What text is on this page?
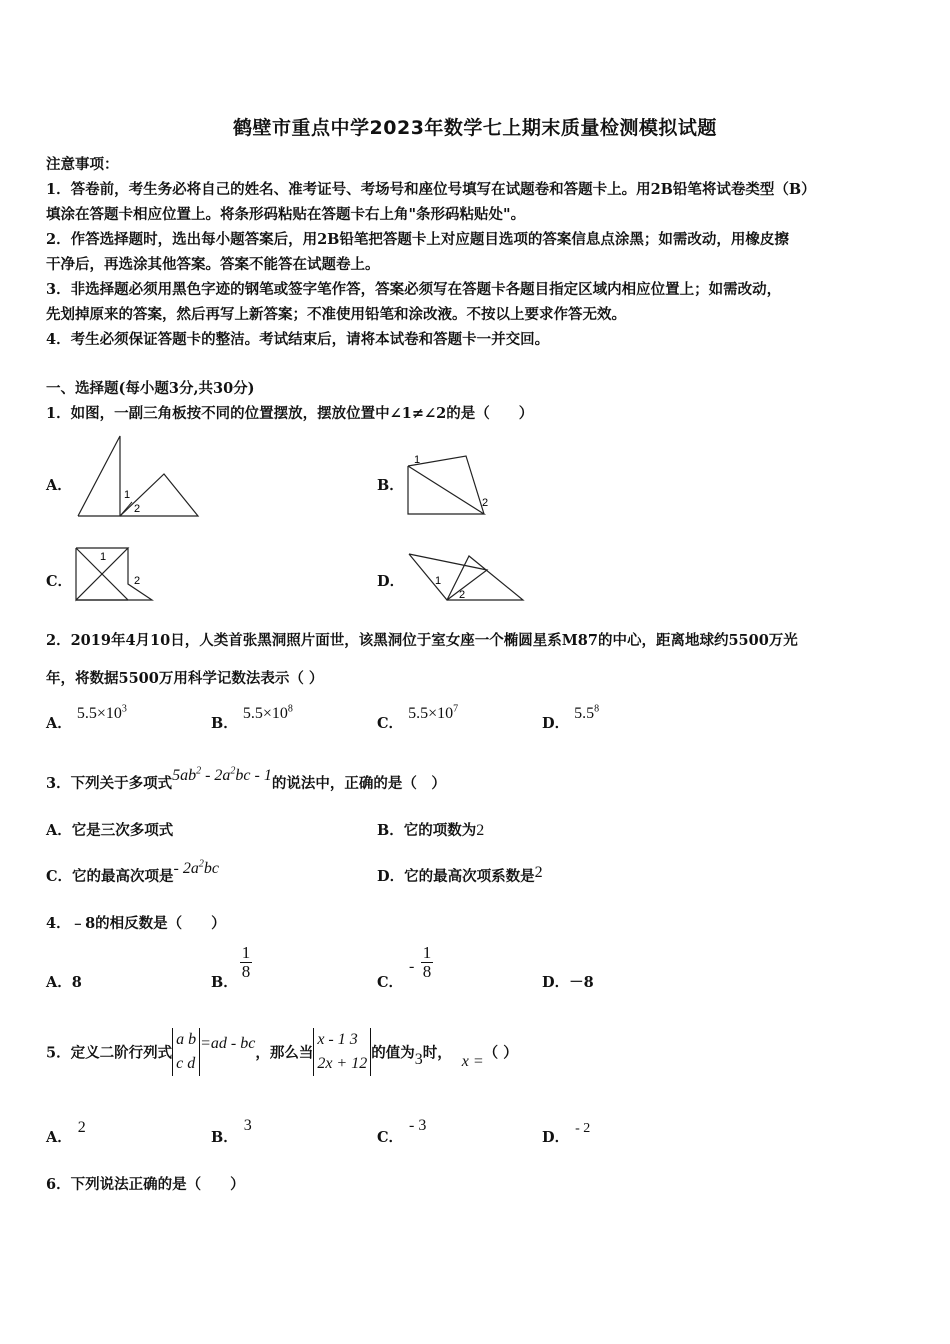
鹤壁市重点中学2023年数学七上期末质量检测模拟试题
注意事项：
1．答卷前，考生务必将自己的姓名、准考证号、考场号和座位号填写在试题卷和答题卡上。用2B铅笔将试卷类型（B）
填涂在答题卡相应位置上。将条形码粘贴在答题卡右上角"条形码粘贴处"。
2．作答选择题时，选出每小题答案后，用2B铅笔把答题卡上对应题目选项的答案信息点涂黑；如需改动，用橡皮擦
干净后，再选涂其他答案。答案不能答在试题卷上。
3．非选择题必须用黑色字迹的钢笔或签字笔作答，答案必须写在答题卡各题目指定区域内相应位置上；如需改动，
先划掉原来的答案，然后再写上新答案；不准使用铅笔和涂改液。不按以上要求作答无效。
4．考生必须保证答题卡的整洁。考试结束后，请将本试卷和答题卡一并交回。
一、选择题(每小题3分,共30分)
1．如图，一副三角板按不同的位置摆放，摆放位置中∠1≠∠2的是（　　）
A．
1
2
B．
1
2
C．
1
2	D．	1
2
2．2019年4月10日，人类首张黑洞照片面世，该黑洞位于室女座一个椭圆星系M87的中心，距离地球约5500万光
年，将数据5500万用科学记数法表示（ ）
A． $5.5\times 10^3$
B． $5.5\times 10^8$
C． $5.5\times 10^7$
D． $5.5^8$
3．下列关于多项式$5ab^2 - 2a^2bc - 1$的说法中，正确的是（　）
A．它是三次多项式	B．它的项数为2
C．它的最高次项是- $2a^2bc$	D．它的最高次项系数是2
4．﹣8的相反数是（　　）
A．8	B．
1
8
C．
-
1
8
D．－8
5．定义二阶行列式
a b
c d
=ad - bc，那么当
x - 1 3
2x + 12
的值为3时， x =（ ）
A．2
B．3
C．- 3
D．- 2
6．下列说法正确的是（　　）
